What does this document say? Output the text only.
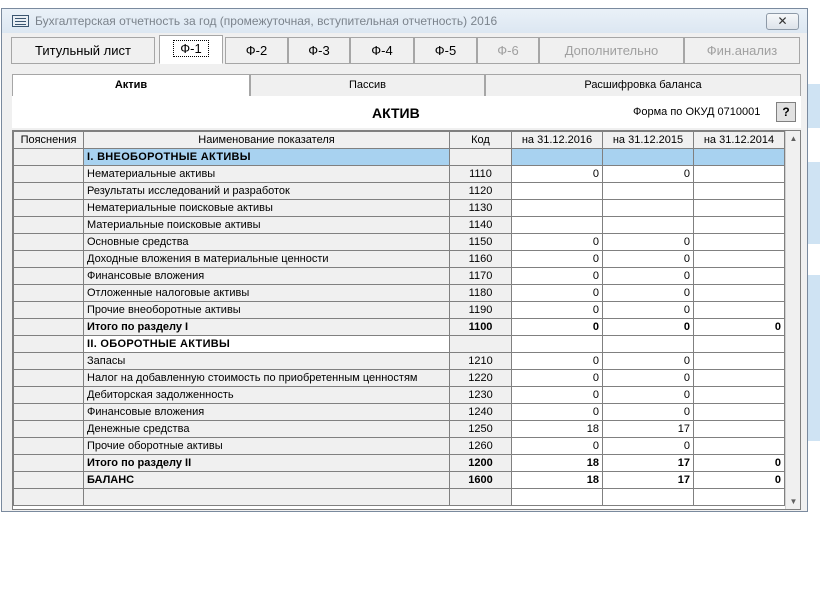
Бухгалтерская отчетность за год (промежуточная, вступительная отчетность) 2016	✕
Титульный лист	Ф-1	Ф-2	Ф-3	Ф-4	Ф-5	Ф-6	Дополнительно	Фин.анализ
Актив	Пассив	Расшифровка баланса
АКТИВ	Форма по ОКУД 0710001	?
Пояснения	Наименование показателя	Код	на 31.12.2016	на 31.12.2015	на 31.12.2014
	I. ВНЕОБОРОТНЫЕ АКТИВЫ				
	Нематериальные активы	1110	0	0	
	Результаты исследований и разработок	1120			
	Нематериальные поисковые активы	1130			
	Материальные поисковые активы	1140			
	Основные средства	1150	0	0	
	Доходные вложения в материальные ценности	1160	0	0	
	Финансовые вложения	1170	0	0	
	Отложенные налоговые активы	1180	0	0	
	Прочие внеоборотные активы	1190	0	0	
	Итого по разделу I	1100	0	0	0
	II. ОБОРОТНЫЕ АКТИВЫ				
	Запасы	1210	0	0	
	Налог на добавленную стоимость по приобретенным ценностям	1220	0	0	
	Дебиторская задолженность	1230	0	0	
	Финансовые вложения	1240	0	0	
	Денежные средства	1250	18	17	
	Прочие оборотные активы	1260	0	0	
	Итого по разделу II	1200	18	17	0
	БАЛАНС	1600	18	17	0

▲
▼
